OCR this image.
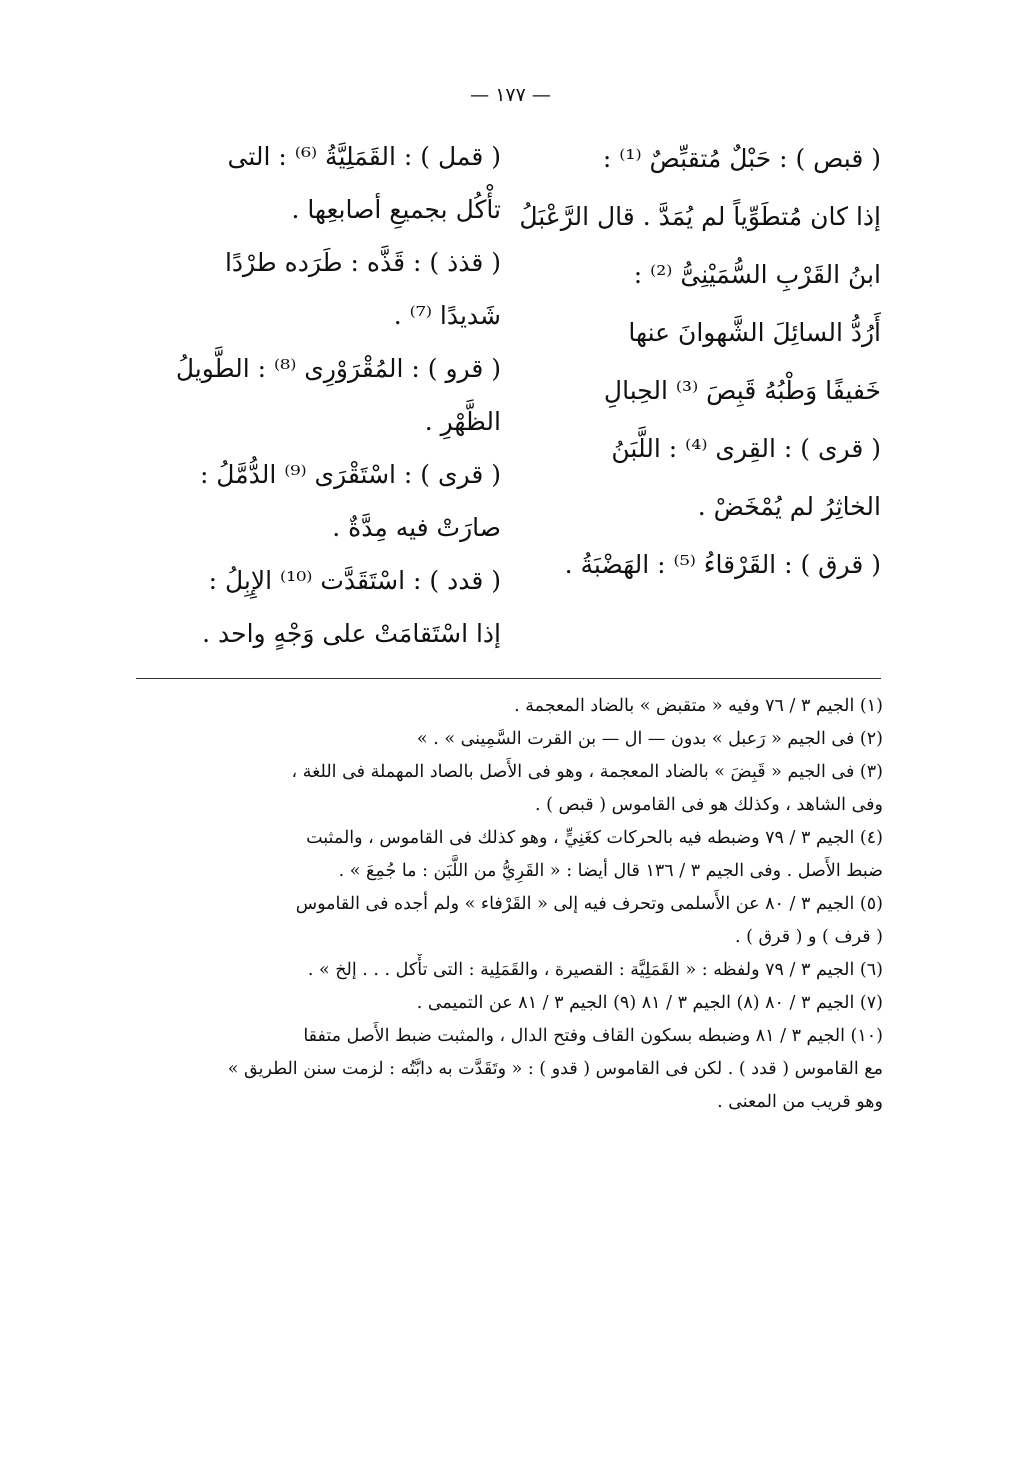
— ١٧٧ —

( قبص ) : حَبْلٌ مُتقبِّصٌ ⁽¹⁾ :

إذا كان مُتطَوِّياً لم يُمَدَّ . قال الرَّعْبَلُ

ابنُ القَرْبِ السُّمَيْنِىُّ ⁽²⁾ :

أَرُدُّ السائِلَ الشَّهوانَ عنها

خَفيفًا وَطْبُهُ قَبِصَ ⁽³⁾ الحِبالِ

( قرى ) : القِرى ⁽⁴⁾ : اللَّبَنُ

الخاثِرُ لم يُمْخَضْ .

( قرق ) : القَرْقاءُ ⁽⁵⁾ : الهَضْبَةُ .

( قمل ) : القَمَلِيَّةُ ⁽⁶⁾ : التى

تأْكُل بجميعِ أصابعِها .

( قذذ ) : قَذَّه : طَرَده طرْدًا

شَديدًا ⁽⁷⁾ .

( قرو ) : المُقْرَوْرِى ⁽⁸⁾ : الطَّويلُ

الظَّهْرِ .

( قرى ) : اسْتَقْرَى ⁽⁹⁾ الدُّمَّلُ :

صارَتْ فيه مِدَّةٌ .

( قدد ) : اسْتَقَدَّت ⁽¹⁰⁾ الإِبِلُ :

إذا اسْتَقامَتْ على وَجْهٍ واحد .

(١) الجيم ٣ / ٧٦ وفيه « متقبض » بالضاد المعجمة .

(٢) فى الجيم « رَعبل » بدون — ال — بن القرت السَّمِينى » . »

(٣) فى الجيم « قَبِضَ » بالضاد المعجمة ، وهو فى الأَصل بالصاد المهملة فى اللغة ،

وفى الشاهد ، وكذلك هو فى القاموس ( قبص ) .

(٤) الجيم ٣ / ٧٩ وضبطه فيه بالحركات كغَنِيٍّ ، وهو كذلك فى القاموس ، والمثبت

ضبط الأَصل . وفى الجيم ٣ / ١٣٦ قال أيضا : « القَرِيُّ من اللَّبَن : ما جُمِعَ » .

(٥) الجيم ٣ / ٨٠ عن الأَسلمى وتحرف فيه إلى « القَرْفاء » ولم أجده فى القاموس

( قرف ) و ( قرق ) .

(٦) الجيم ٣ / ٧٩ ولفظه : « القَمَلِيَّة : القصيرة ، والقَمَلِية : التى تأْكل . . . إلخ » .

(٧) الجيم ٣ / ٨٠ (٨) الجيم ٣ / ٨١ (٩) الجيم ٣ / ٨١ عن التميمى .

(١٠) الجيم ٣ / ٨١ وضبطه بسكون القاف وفتح الدال ، والمثبت ضبط الأَصل متفقا

مع القاموس ( قدد ) . لكن فى القاموس ( قدو ) : « وتَقَدَّت به دابَّتُه : لزمت سنن الطريق »

وهو قريب من المعنى .
